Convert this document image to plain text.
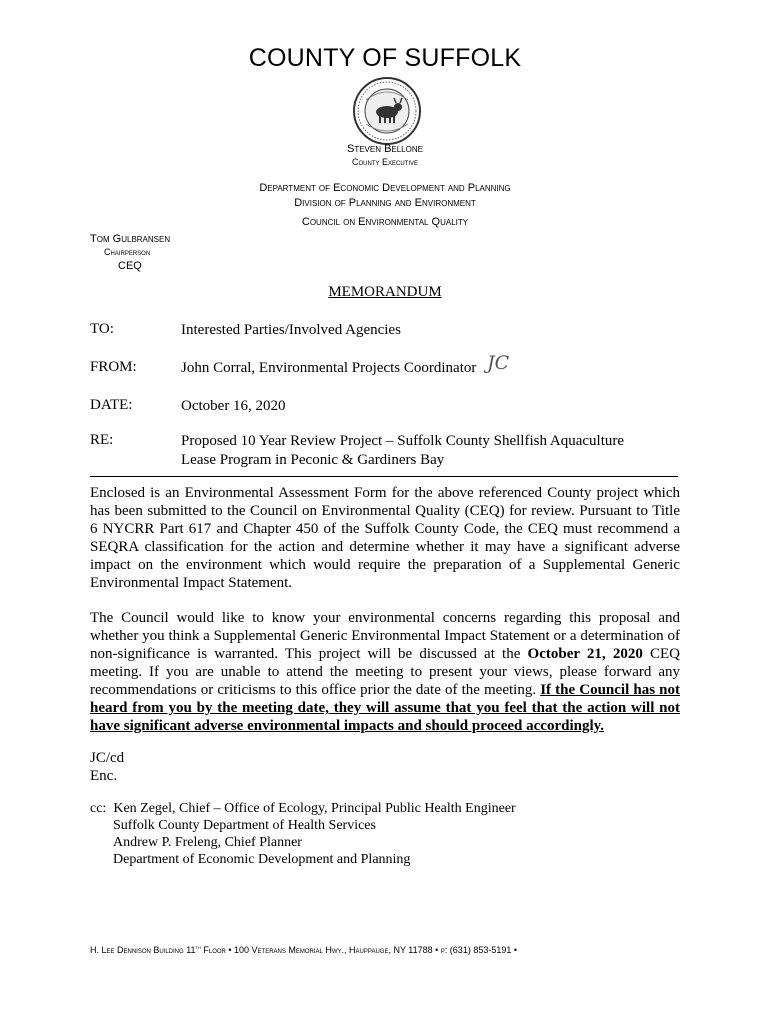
COUNTY OF SUFFOLK
Steven Bellone
County Executive
Department of Economic Development and Planning
Division of Planning and Environment
Council on Environmental Quality
Tom Gulbransen
Chairperson
CEQ
MEMORANDUM
TO:	Interested Parties/Involved Agencies
FROM:	John Corral, Environmental Projects Coordinator JC
DATE:	October 16, 2020
RE:	Proposed 10 Year Review Project – Suffolk County Shellfish Aquaculture Lease Program in Peconic & Gardiners Bay
Enclosed is an Environmental Assessment Form for the above referenced County project which has been submitted to the Council on Environmental Quality (CEQ) for review. Pursuant to Title 6 NYCRR Part 617 and Chapter 450 of the Suffolk County Code, the CEQ must recommend a SEQRA classification for the action and determine whether it may have a significant adverse impact on the environment which would require the preparation of a Supplemental Generic Environmental Impact Statement.
The Council would like to know your environmental concerns regarding this proposal and whether you think a Supplemental Generic Environmental Impact Statement or a determination of non-significance is warranted. This project will be discussed at the October 21, 2020 CEQ meeting. If you are unable to attend the meeting to present your views, please forward any recommendations or criticisms to this office prior the date of the meeting. If the Council has not heard from you by the meeting date, they will assume that you feel that the action will not have significant adverse environmental impacts and should proceed accordingly.
JC/cd
Enc.
cc: Ken Zegel, Chief – Office of Ecology, Principal Public Health Engineer
Suffolk County Department of Health Services
Andrew P. Freleng, Chief Planner
Department of Economic Development and Planning
H. Lee Dennison Building 11th Floor • 100 Veterans Memorial Hwy., Hauppauge, NY 11788 • p: (631) 853-5191 •
